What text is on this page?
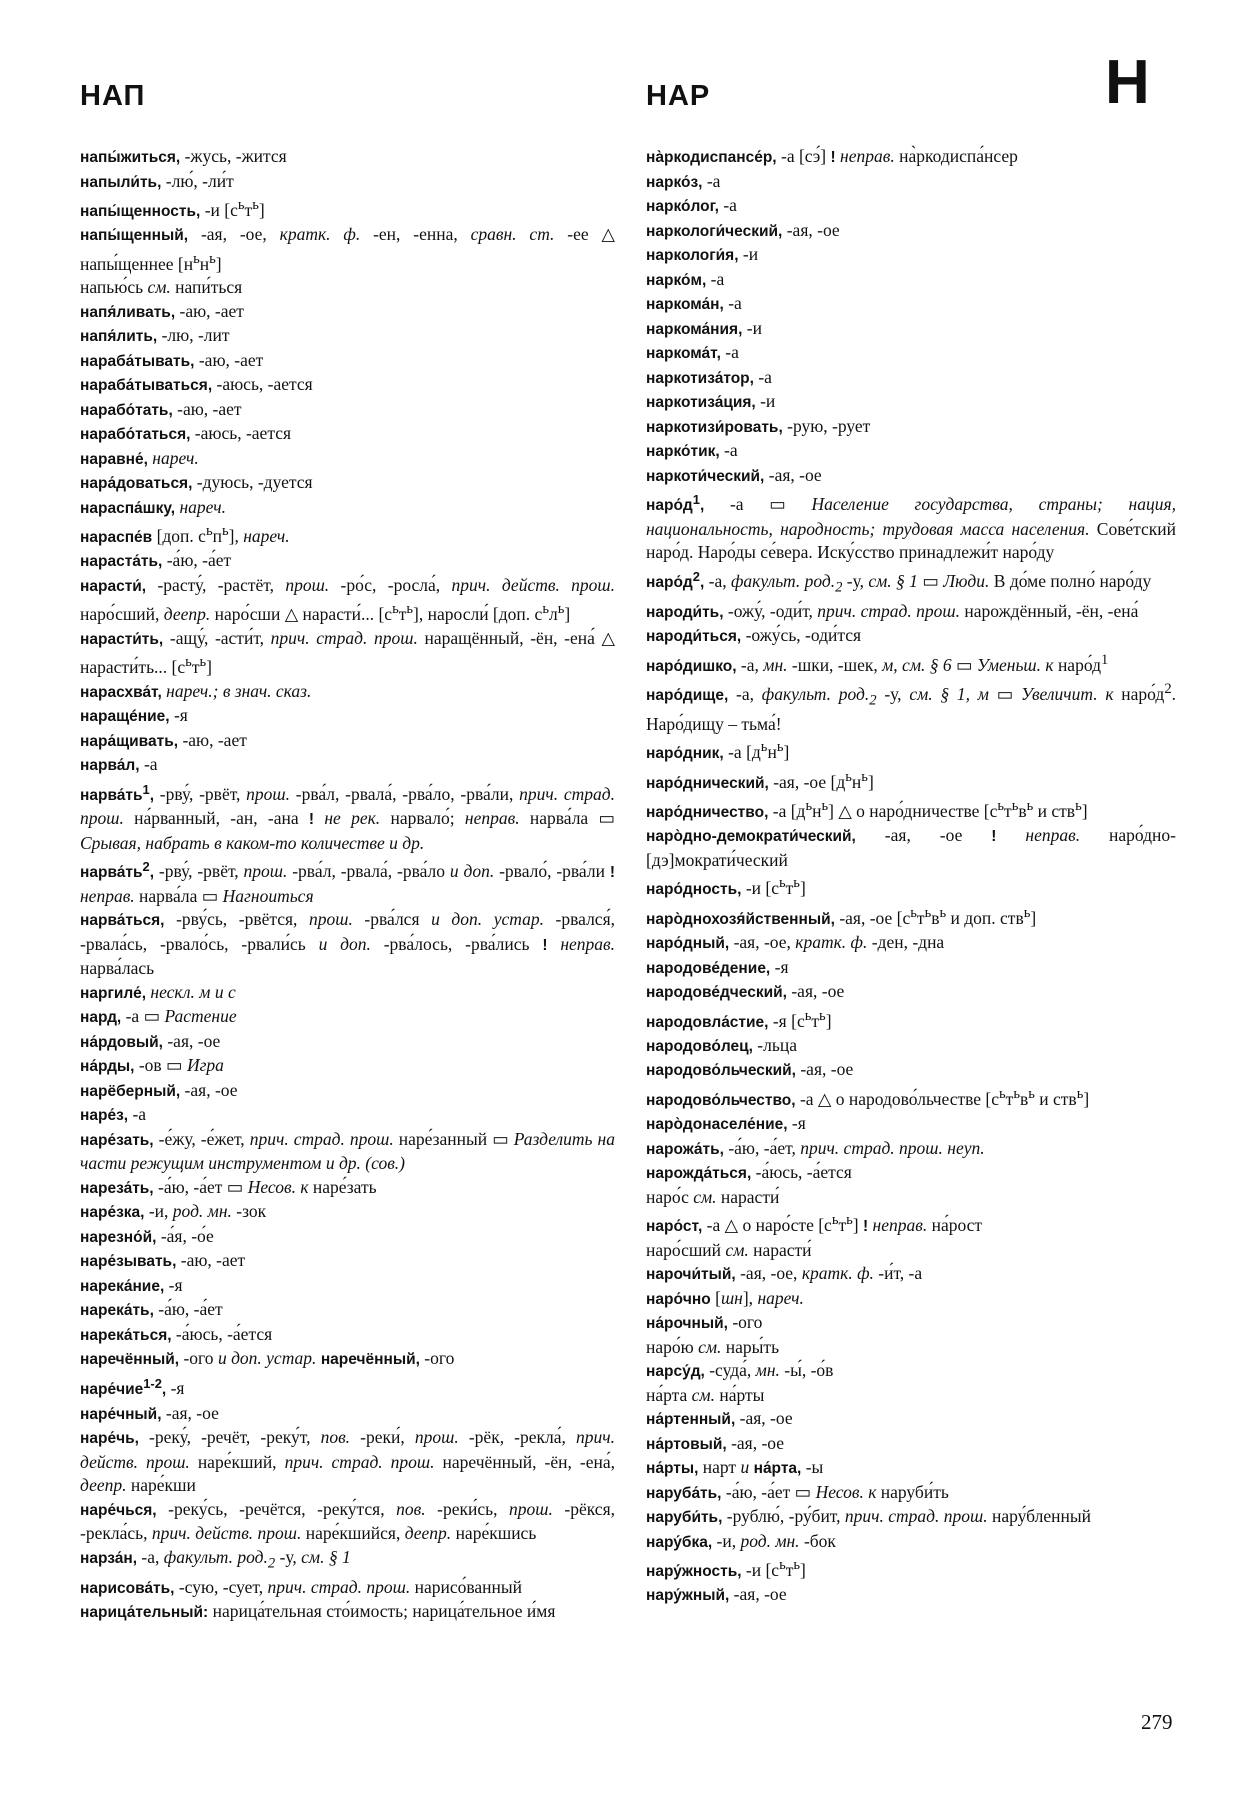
НАП	НАР	Н
напы́житься, -жусь, -жится
напыли́ть, -лю́, -ли́т
напы́щенность, -и $[с^ьт^ь]$
напы́щенный, -ая, -ое, кратк. ф. -ен, -енна, сравн. ст. -ее △ напы́щеннее $[н^ьн^ь]$
напью́сь см. напи́ться
напя́ливать, -аю, -ает
напя́лить, -лю, -лит
нараба́тывать, -аю, -ает
нараба́тываться, -аюсь, -ается
нарабо́тать, -аю, -ает
нарабо́таться, -аюсь, -ается
наравне́, нареч.
нара́доваться, -дуюсь, -дуется
нараспа́шку, нареч.
нараспе́в [доп. $с^ьп^ь$], нареч.
нараста́ть, -а́ю, -а́ет
нарасти́, -расту́, -растёт, прош. -ро́с, -росла́, прич. действ. прош. наро́сший, деепр. наро́сши △ нарасти́... $[с^ьт^ь]$, наросли́ [доп. $с^ьл^ь$]
нарасти́ть, -ащу́, -асти́т, прич. страд. прош. наращённый, -ён, -ена́ △ нарасти́ть... $[с^ьт^ь]$
нарасхва́т, нареч.; в знач. сказ.
наращéние, -я
нара́щивать, -аю, -ает
нарва́л, -а
$нарва́ть^1$, -рву́, -рвёт, прош. -рва́л, -рвала́, -рва́ло, -рва́ли, прич. страд. прош. на́рванный, -ан, -ана ! не рек. нарвало́; неправ. нарва́ла ▭ Срывая, набрать в каком-то количестве и др.
$нарва́ть^2$, -рву́, -рвёт, прош. -рва́л, -рвала́, -рва́ло и доп. -рвало́, -рва́ли ! неправ. нарва́ла ▭ Нагноиться
нарва́ться, -рву́сь, -рвётся, прош. -рва́лся и доп. устар. -рвался́, -рвала́сь, -рвало́сь, -рвали́сь и доп. -рва́лось, -рва́лись ! неправ. нарва́лась
наргиле́, нескл. м и с
нард, -а ▭ Растение
на́рдовый, -ая, -ое
на́рды, -ов ▭ Игра
нарёберный, -ая, -ое
наре́з, -а
наре́зать, -е́жу, -е́жет, прич. страд. прош. наре́занный ▭ Разделить на части режущим инструментом и др. (сов.)
нареза́ть, -а́ю, -а́ет ▭ Несов. к наре́зать
наре́зка, -и, род. мн. -зок
нарезно́й, -а́я, -о́е
наре́зывать, -аю, -ает
нарека́ние, -я
нарека́ть, -а́ю, -а́ет
нарека́ться, -а́юсь, -а́ется
наречённый, -ого и доп. устар. наречённый, -ого
наре́чие$^{1-2}$, -я
наре́чный, -ая, -ое
наре́чь, -реку́, -речёт, -реку́т, пов. -реки́, прош. -рёк, -рекла́, прич. действ. прош. наре́кший, прич. страд. прош. наречённый, -ён, -ена́, деепр. наре́кши
наре́чься, -реку́сь, -речётся, -реку́тся, пов. -реки́сь, прош. -рёкся, -рекла́сь, прич. действ. прош. наре́кшийся, деепр. наре́кшись
нарза́н, -а, факульт. $род._2$ -у, см. § 1
нарисова́ть, -сую, -сует, прич. страд. прош. нарисо́ванный
нарица́тельный: нарица́тельная сто́имость; нарица́тельное и́мя
на̀ркодиспансе́р, -а [сэ́] ! неправ. на̀ркодиспа́нсер
нарко́з, -а
нарко́лог, -а
наркологи́ческий, -ая, -ое
наркологи́я, -и
нарко́м, -а
наркома́н, -а
наркома́ния, -и
наркома́т, -а
наркотиза́тор, -а
наркотиза́ция, -и
наркотизи́ровать, -рую, -рует
нарко́тик, -а
наркоти́ческий, -ая, -ое
$наро́д^1$, -а ▭ Население государства, страны; нация, национальность, народность; трудовая масса населения. Сове́тский наро́д. Наро́ды се́вера. Иску́сство принадлежи́т наро́ду
$наро́д^2$, -а, факульт. $род._2$ -у, см. § 1 ▭ Люди. В до́ме полно́ наро́ду
народи́ть, -ожу́, -оди́т, прич. страд. прош. нарождённый, -ён, -ена́
народи́ться, -ожу́сь, -оди́тся
наро́дишко, -а, мн. -шки, -шек, м, см. § 6 ▭ Уменьш. к $наро́д^1$
наро́дище, -а, факульт. $род._2$ -у, см. § 1, м ▭ Увеличит. к $наро́д^2$. Наро́дищу – тьма́!
наро́дник, -а $[д^ьн^ь]$
наро́днический, -ая, -ое $[д^ьн^ь]$
наро́дничество, -а $[д^ьн^ь]$ △ о наро́дничестве [$с^ьт^ьв^ь$ и ств$^ь$]
наро̀дно-демократи́ческий, -ая, -ое ! неправ. наро́дно-[дэ]мократи́ческий
наро́дность, -и $[с^ьт^ь]$
наро̀днохозя́йственный, -ая, -ое [$с^ьт^ьв^ь$ и доп. ств$^ь$]
наро́дный, -ая, -ое, кратк. ф. -ден, -дна
народове́дение, -я
народове́дческий, -ая, -ое
народовла́стие, -я $[с^ьт^ь]$
народово́лец, -льца
народово́льческий, -ая, -ое
народово́льчество, -а △ о народово́льчестве [$с^ьт^ьв^ь$ и ств$^ь$]
наро̀донаселе́ние, -я
нарожа́ть, -а́ю, -а́ет, прич. страд. прош. неуп.
нарожда́ться, -а́юсь, -а́ется
наро́с см. нарасти́
наро́ст, -а △ о наро́сте $[с^ьт^ь]$ ! неправ. на́рост
наро́сший см. нарасти́
нарочи́тый, -ая, -ое, кратк. ф. -и́т, -а
наро́чно [шн], нареч.
на́рочный, -ого
наро́ю см. нары́ть
нарсу́д, -суда́, мн. -ы́, -о́в
на́рта см. на́рты
на́ртенный, -ая, -ое
на́ртовый, -ая, -ое
на́рты, нарт и на́рта, -ы
наруба́ть, -а́ю, -а́ет ▭ Несов. к наруби́ть
наруби́ть, -рублю́, -ру́бит, прич. страд. прош. нару́бленный
нару́бка, -и, род. мн. -бок
нару́жность, -и $[с^ьт^ь]$
нару́жный, -ая, -ое

279
